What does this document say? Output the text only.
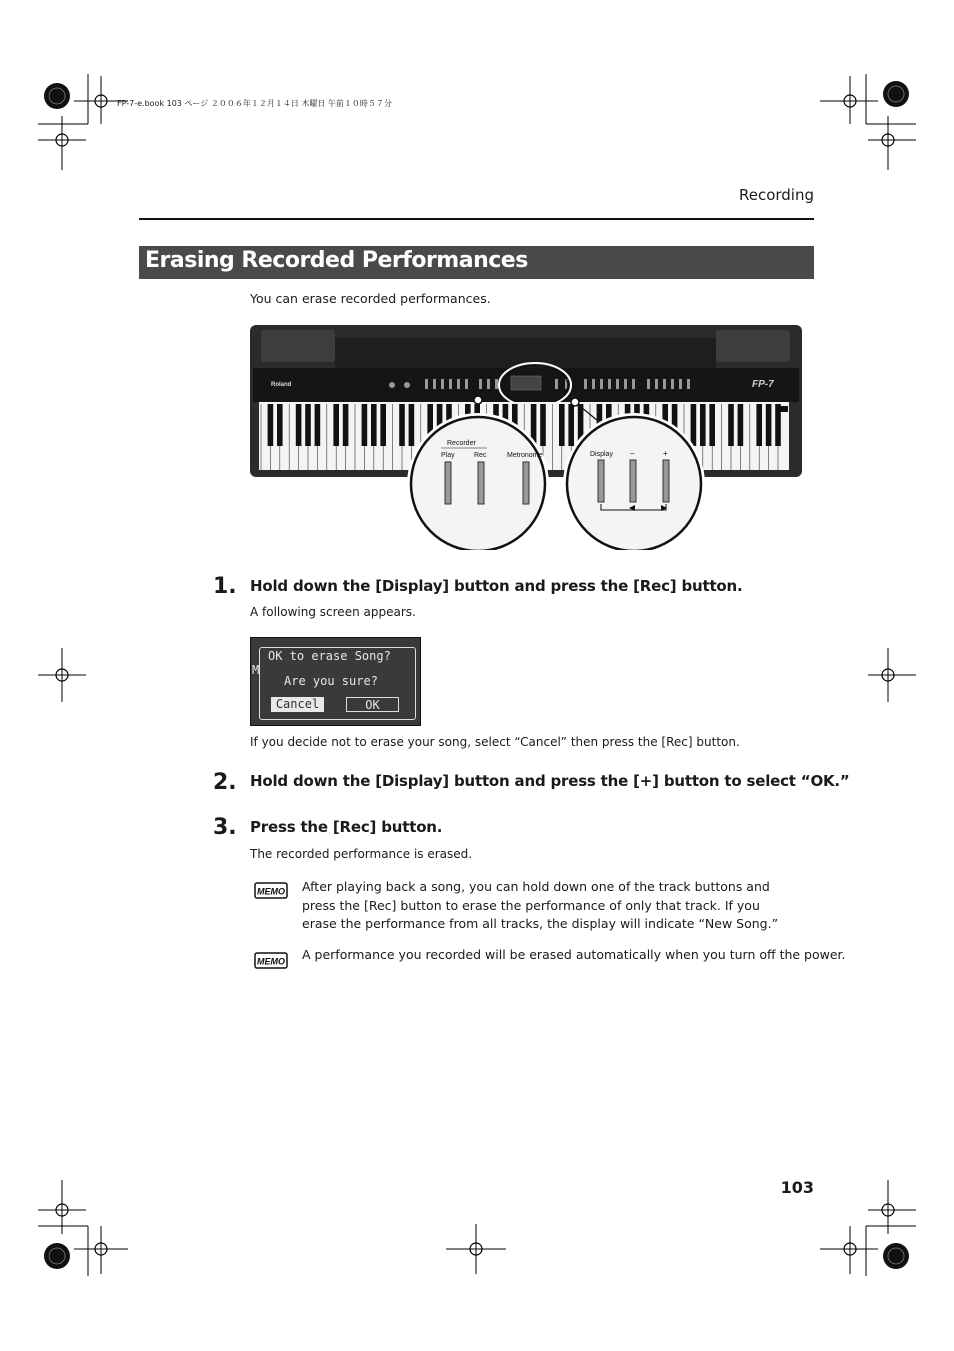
FP-7-e.book 103 ページ ２００６年１２月１４日 木曜日 午前１０時５７分
Recording
Erasing Recorded Performances
You can erase recorded performances.
Roland	FP-7
Recorder
Play	Rec	Metronome	Display –	+
1. Hold down the [Display] button and press the [Rec] button.
A following screen appears.
OK to erase Song?
Are you sure?
M
Cancel	OK
If you decide not to erase your song, select “Cancel” then press the [Rec] button.
2. Hold down the [Display] button and press the [+] button to select “OK.”
3. Press the [Rec] button.
The recorded performance is erased.
MEMO After playing back a song, you can hold down one of the track buttons and press the [Rec] button to erase the performance of only that track. If you erase the performance from all tracks, the display will indicate “New Song.”
MEMO A performance you recorded will be erased automatically when you turn off the power.
103
